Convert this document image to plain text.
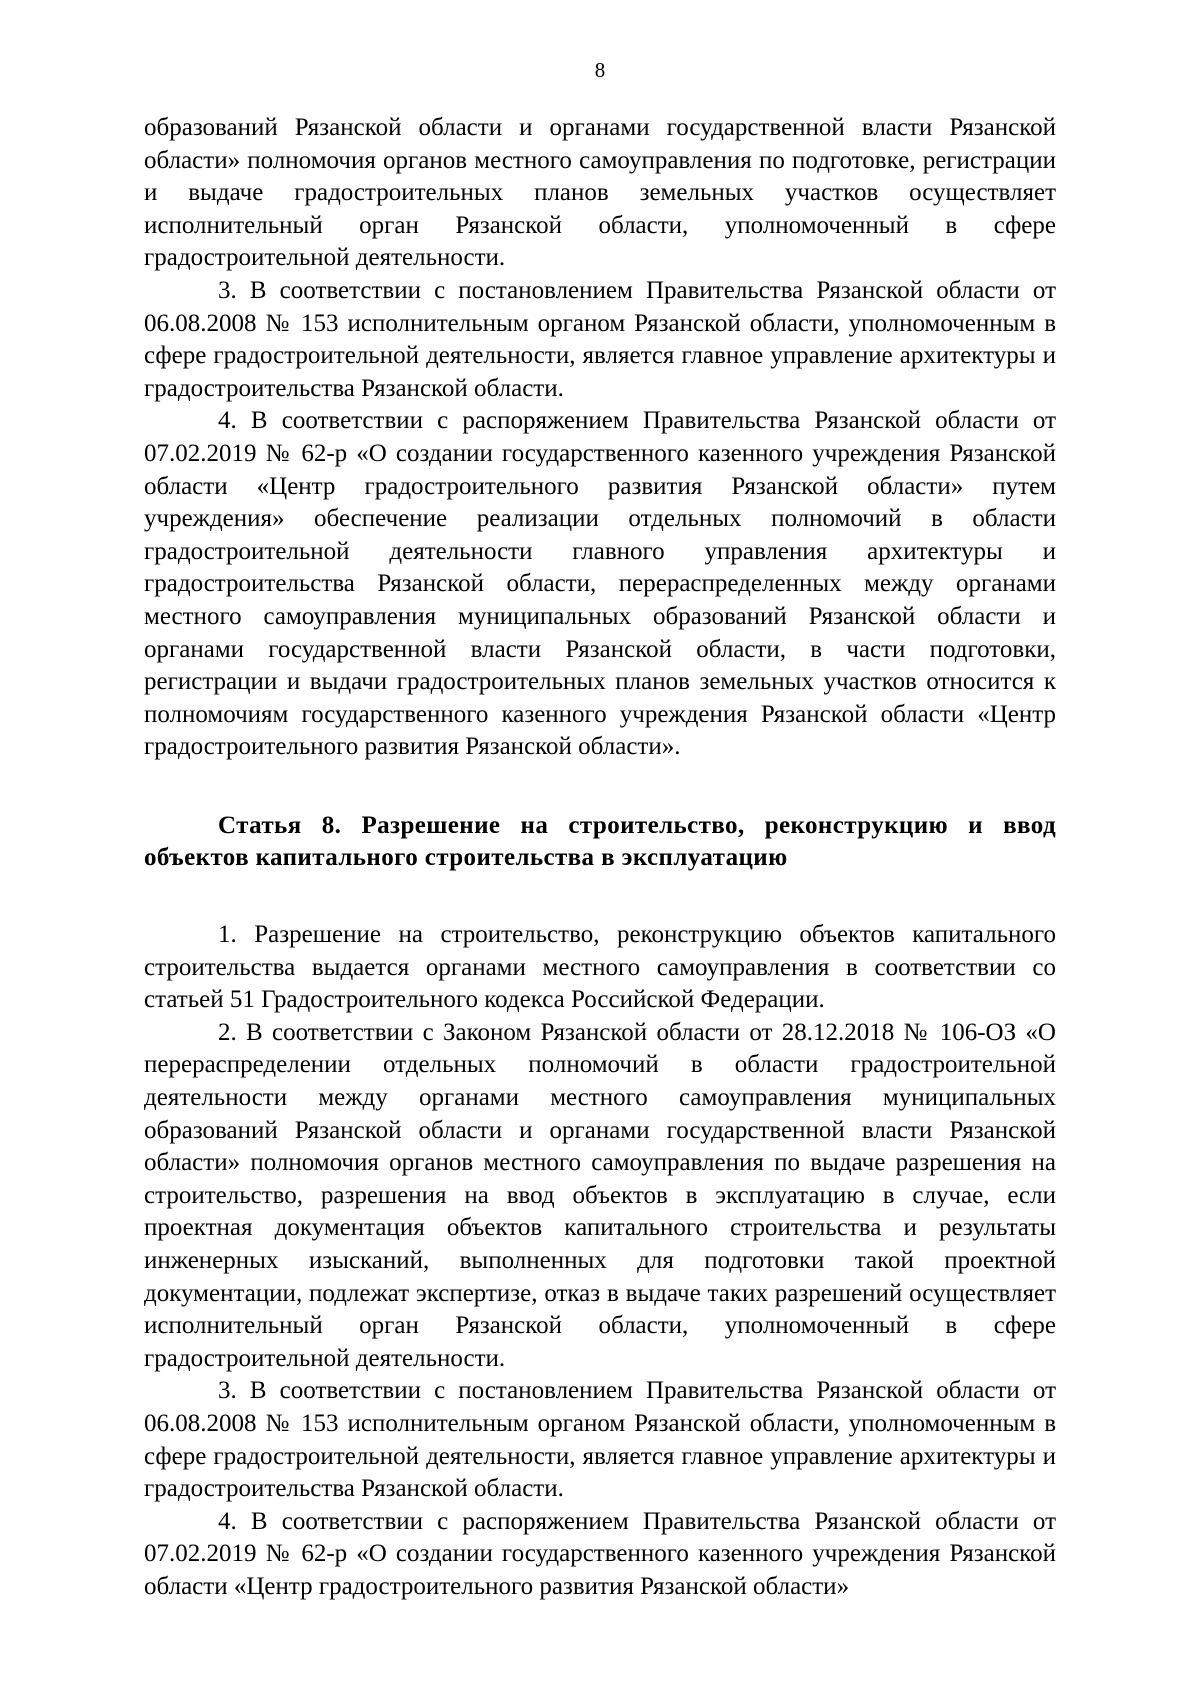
8

образований Рязанской области и органами государственной власти Рязанской области» полномочия органов местного самоуправления по подготовке, регистрации и выдаче градостроительных планов земельных участков осуществляет исполнительный орган Рязанской области, уполномоченный в сфере градостроительной деятельности.

3. В соответствии с постановлением Правительства Рязанской области от 06.08.2008 № 153 исполнительным органом Рязанской области, уполномоченным в сфере градостроительной деятельности, является главное управление архитектуры и градостроительства Рязанской области.

4. В соответствии с распоряжением Правительства Рязанской области от 07.02.2019 № 62-р «О создании государственного казенного учреждения Рязанской области «Центр градостроительного развития Рязанской области» путем учреждения» обеспечение реализации отдельных полномочий в области градостроительной деятельности главного управления архитектуры и градостроительства Рязанской области, перераспределенных между органами местного самоуправления муниципальных образований Рязанской области и органами государственной власти Рязанской области, в части подготовки, регистрации и выдачи градостроительных планов земельных участков относится к полномочиям государственного казенного учреждения Рязанской области «Центр градостроительного развития Рязанской области».

Статья 8. Разрешение на строительство, реконструкцию и ввод объектов капитального строительства в эксплуатацию

1. Разрешение на строительство, реконструкцию объектов капитального строительства выдается органами местного самоуправления в соответствии со статьей 51 Градостроительного кодекса Российской Федерации.

2. В соответствии с Законом Рязанской области от 28.12.2018 № 106-ОЗ «О перераспределении отдельных полномочий в области градостроительной деятельности между органами местного самоуправления муниципальных образований Рязанской области и органами государственной власти Рязанской области» полномочия органов местного самоуправления по выдаче разрешения на строительство, разрешения на ввод объектов в эксплуатацию в случае, если проектная документация объектов капитального строительства и результаты инженерных изысканий, выполненных для подготовки такой проектной документации, подлежат экспертизе, отказ в выдаче таких разрешений осуществляет исполнительный орган Рязанской области, уполномоченный в сфере градостроительной деятельности.

3. В соответствии с постановлением Правительства Рязанской области от 06.08.2008 № 153 исполнительным органом Рязанской области, уполномоченным в сфере градостроительной деятельности, является главное управление архитектуры и градостроительства Рязанской области.

4. В соответствии с распоряжением Правительства Рязанской области от 07.02.2019 № 62-р «О создании государственного казенного учреждения Рязанской области «Центр градостроительного развития Рязанской области»
